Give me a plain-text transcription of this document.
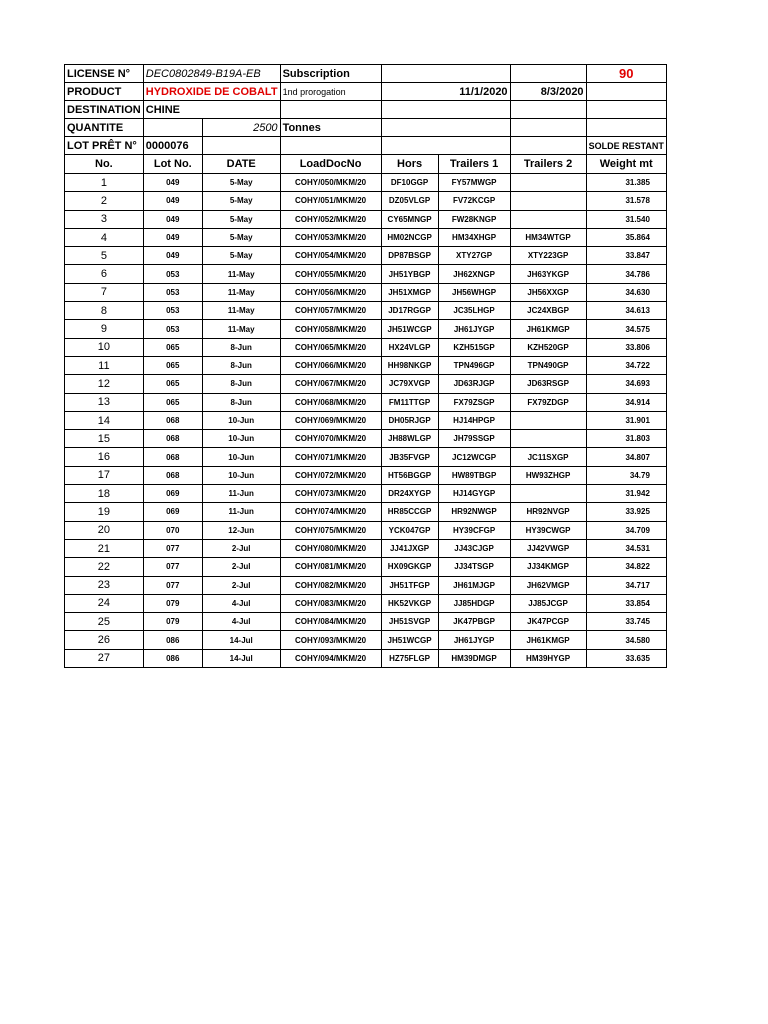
LICENSE N°	DEC0802849-B19A-EB		Subscription				90
PRODUCT	HYDROXIDE DE COBALT		1nd prorogation	11/1/2020		8/3/2020	
DESTINATION	CHINE						
QUANTITE		2500	Tonnes				
LOT PRÊT N°	0000076						SOLDE RESTANT
No.	Lot No.	DATE	LoadDocNo	Hors	Trailers 1	Trailers 2	Weight mt
1	049	5-May	COHY/050/MKM/20	DF10GGP	FY57MWGP		31.385
2	049	5-May	COHY/051/MKM/20	DZ05VLGP	FV72KCGP		31.578
3	049	5-May	COHY/052/MKM/20	CY65MNGP	FW28KNGP		31.540
4	049	5-May	COHY/053/MKM/20	HM02NCGP	HM34XHGP	HM34WTGP	35.864
5	049	5-May	COHY/054/MKM/20	DP87BSGP	XTY27GP	XTY223GP	33.847
6	053	11-May	COHY/055/MKM/20	JH51YBGP	JH62XNGP	JH63YKGP	34.786
7	053	11-May	COHY/056/MKM/20	JH51XMGP	JH56WHGP	JH56XXGP	34.630
8	053	11-May	COHY/057/MKM/20	JD17RGGP	JC35LHGP	JC24XBGP	34.613
9	053	11-May	COHY/058/MKM/20	JH51WCGP	JH61JYGP	JH61KMGP	34.575
10	065	8-Jun	COHY/065/MKM/20	HX24VLGP	KZH515GP	KZH520GP	33.806
11	065	8-Jun	COHY/066/MKM/20	HH98NKGP	TPN496GP	TPN490GP	34.722
12	065	8-Jun	COHY/067/MKM/20	JC79XVGP	JD63RJGP	JD63RSGP	34.693
13	065	8-Jun	COHY/068/MKM/20	FM11TTGP	FX79ZSGP	FX79ZDGP	34.914
14	068	10-Jun	COHY/069/MKM/20	DH05RJGP	HJ14HPGP		31.901
15	068	10-Jun	COHY/070/MKM/20	JH88WLGP	JH79SSGP		31.803
16	068	10-Jun	COHY/071/MKM/20	JB35FVGP	JC12WCGP	JC11SXGP	34.807
17	068	10-Jun	COHY/072/MKM/20	HT56BGGP	HW89TBGP	HW93ZHGP	34.79
18	069	11-Jun	COHY/073/MKM/20	DR24XYGP	HJ14GYGP		31.942
19	069	11-Jun	COHY/074/MKM/20	HR85CCGP	HR92NWGP	HR92NVGP	33.925
20	070	12-Jun	COHY/075/MKM/20	YCK047GP	HY39CFGP	HY39CWGP	34.709
21	077	2-Jul	COHY/080/MKM/20	JJ41JXGP	JJ43CJGP	JJ42VWGP	34.531
22	077	2-Jul	COHY/081/MKM/20	HX09GKGP	JJ34TSGP	JJ34KMGP	34.822
23	077	2-Jul	COHY/082/MKM/20	JH51TFGP	JH61MJGP	JH62VMGP	34.717
24	079	4-Jul	COHY/083/MKM/20	HK52VKGP	JJ85HDGP	JJ85JCGP	33.854
25	079	4-Jul	COHY/084/MKM/20	JH51SVGP	JK47PBGP	JK47PCGP	33.745
26	086	14-Jul	COHY/093/MKM/20	JH51WCGP	JH61JYGP	JH61KMGP	34.580
27	086	14-Jul	COHY/094/MKM/20	HZ75FLGP	HM39DMGP	HM39HYGP	33.635
